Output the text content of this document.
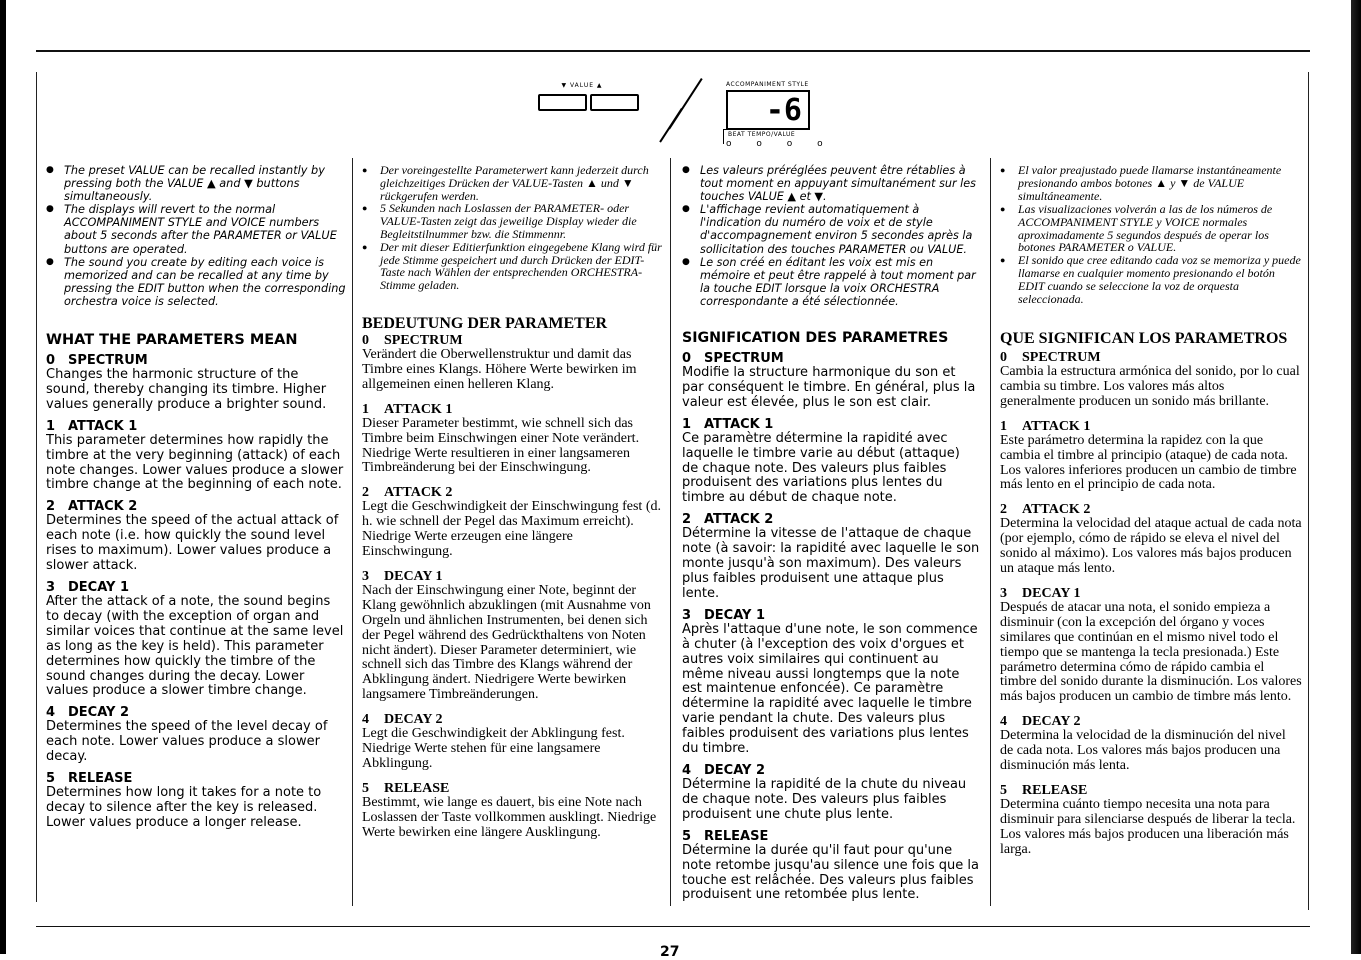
▼ VALUE ▲	ACCOMPANIMENT STYLE
-6
BEAT TEMPO/VALUE
o o o o
● The preset VALUE can be recalled instantly by pressing both the VALUE ▲ and ▼ buttons simultaneously.
● The displays will revert to the normal ACCOMPANIMENT STYLE and VOICE numbers about 5 seconds after the PARAMETER or VALUE buttons are operated.
● The sound you create by editing each voice is memorized and can be recalled at any time by pressing the EDIT button when the corresponding orchestra voice is selected.
WHAT THE PARAMETERS MEAN
0 SPECTRUM

Changes the harmonic structure of the sound, thereby changing its timbre. Higher values generally produce a brighter sound.

1 ATTACK 1

This parameter determines how rapidly the timbre at the very beginning (attack) of each note changes. Lower values produce a slower timbre change at the beginning of each note.

2 ATTACK 2

Determines the speed of the actual attack of each note (i.e. how quickly the sound level rises to maximum). Lower values produce a slower attack.

3 DECAY 1

After the attack of a note, the sound begins to decay (with the exception of organ and similar voices that continue at the same level as long as the key is held). This parameter determines how quickly the timbre of the sound changes during the decay. Lower values produce a slower timbre change.

4 DECAY 2

Determines the speed of the level decay of each note. Lower values produce a slower decay.

5 RELEASE

Determines how long it takes for a note to decay to silence after the key is released. Lower values produce a longer release.

● Der voreingestellte Parameterwert kann jederzeit durch gleichzeitiges Drücken der VALUE-Tasten ▲ und ▼ rückgerufen werden.
● 5 Sekunden nach Loslassen der PARAMETER- oder VALUE-Tasten zeigt das jeweilige Display wieder die Begleitstilnummer bzw. die Stimmennr.
● Der mit dieser Editierfunktion eingegebene Klang wird für jede Stimme gespeichert und durch Drücken der EDIT-Taste nach Wählen der entsprechenden ORCHESTRA-Stimme geladen.
BEDEUTUNG DER PARAMETER
0 SPECTRUM

Verändert die Oberwellenstruktur und damit das Timbre eines Klangs. Höhere Werte bewirken im allgemeinen einen helleren Klang.

1 ATTACK 1

Dieser Parameter bestimmt, wie schnell sich das Timbre beim Einschwingen einer Note verändert. Niedrige Werte resultieren in einer langsameren Timbreänderung bei der Einschwingung.

2 ATTACK 2

Legt die Geschwindigkeit der Einschwingung fest (d. h. wie schnell der Pegel das Maximum erreicht). Niedrige Werte erzeugen eine längere Einschwingung.

3 DECAY 1

Nach der Einschwingung einer Note, beginnt der Klang gewöhnlich abzuklingen (mit Ausnahme von Orgeln und ähnlichen Instrumenten, bei denen sich der Pegel während des Gedrückthaltens von Noten nicht ändert). Dieser Parameter determiniert, wie schnell sich das Timbre des Klangs während der Abklingung ändert. Niedrigere Werte bewirken langsamere Timbreänderungen.

4 DECAY 2

Legt die Geschwindigkeit der Abklingung fest. Niedrige Werte stehen für eine langsamere Abklingung.

5 RELEASE

Bestimmt, wie lange es dauert, bis eine Note nach Loslassen der Taste vollkommen ausklingt. Niedrige Werte bewirken eine längere Ausklingung.

● Les valeurs préréglées peuvent être rétablies à tout moment en appuyant simultanément sur les touches VALUE ▲ et ▼.
● L'affichage revient automatiquement à l'indication du numéro de voix et de style d'accompagnement environ 5 secondes après la sollicitation des touches PARAMETER ou VALUE.
● Le son créé en éditant les voix est mis en mémoire et peut être rappelé à tout moment par la touche EDIT lorsque la voix ORCHESTRA correspondante a été sélectionnée.
SIGNIFICATION DES PARAMETRES
0 SPECTRUM

Modifie la structure harmonique du son et par conséquent le timbre. En général, plus la valeur est élevée, plus le son est clair.

1 ATTACK 1

Ce paramètre détermine la rapidité avec laquelle le timbre varie au début (attaque) de chaque note. Des valeurs plus faibles produisent des variations plus lentes du timbre au début de chaque note.

2 ATTACK 2

Détermine la vitesse de l'attaque de chaque note (à savoir: la rapidité avec laquelle le son monte jusqu'à son maximum). Des valeurs plus faibles produisent une attaque plus lente.

3 DECAY 1

Après l'attaque d'une note, le son commence à chuter (à l'exception des voix d'orgues et autres voix similaires qui continuent au même niveau aussi longtemps que la note est maintenue enfoncée). Ce paramètre détermine la rapidité avec laquelle le timbre varie pendant la chute. Des valeurs plus faibles produisent des variations plus lentes du timbre.

4 DECAY 2

Détermine la rapidité de la chute du niveau de chaque note. Des valeurs plus faibles produisent une chute plus lente.

5 RELEASE

Détermine la durée qu'il faut pour qu'une note retombe jusqu'au silence une fois que la touche est relâchée. Des valeurs plus faibles produisent une retombée plus lente.

● El valor preajustado puede llamarse instantáneamente presionando ambos botones ▲ y ▼ de VALUE simultáneamente.
● Las visualizaciones volverán a las de los números de ACCOMPANIMENT STYLE y VOICE normales aproximadamente 5 segundos después de operar los botones PARAMETER o VALUE.
● El sonido que cree editando cada voz se memoriza y puede llamarse en cualquier momento presionando el botón EDIT cuando se seleccione la voz de orquesta seleccionada.
QUE SIGNIFICAN LOS PARAMETROS
0 SPECTRUM

Cambia la estructura armónica del sonido, por lo cual cambia su timbre. Los valores más altos generalmente producen un sonido más brillante.

1 ATTACK 1

Este parámetro determina la rapidez con la que cambia el timbre al principio (ataque) de cada nota. Los valores inferiores producen un cambio de timbre más lento en el principio de cada nota.

2 ATTACK 2

Determina la velocidad del ataque actual de cada nota (por ejemplo, cómo de rápido se eleva el nivel del sonido al máximo). Los valores más bajos producen un ataque más lento.

3 DECAY 1

Después de atacar una nota, el sonido empieza a disminuir (con la excepción del órgano y voces similares que continúan en el mismo nivel todo el tiempo que se mantenga la tecla presionada.) Este parámetro determina cómo de rápido cambia el timbre del sonido durante la disminución. Los valores más bajos producen un cambio de timbre más lento.

4 DECAY 2

Determina la velocidad de la disminución del nivel de cada nota. Los valores más bajos producen una disminución más lenta.

5 RELEASE

Determina cuánto tiempo necesita una nota para disminuir para silenciarse después de liberar la tecla. Los valores más bajos producen una liberación más larga.

27
